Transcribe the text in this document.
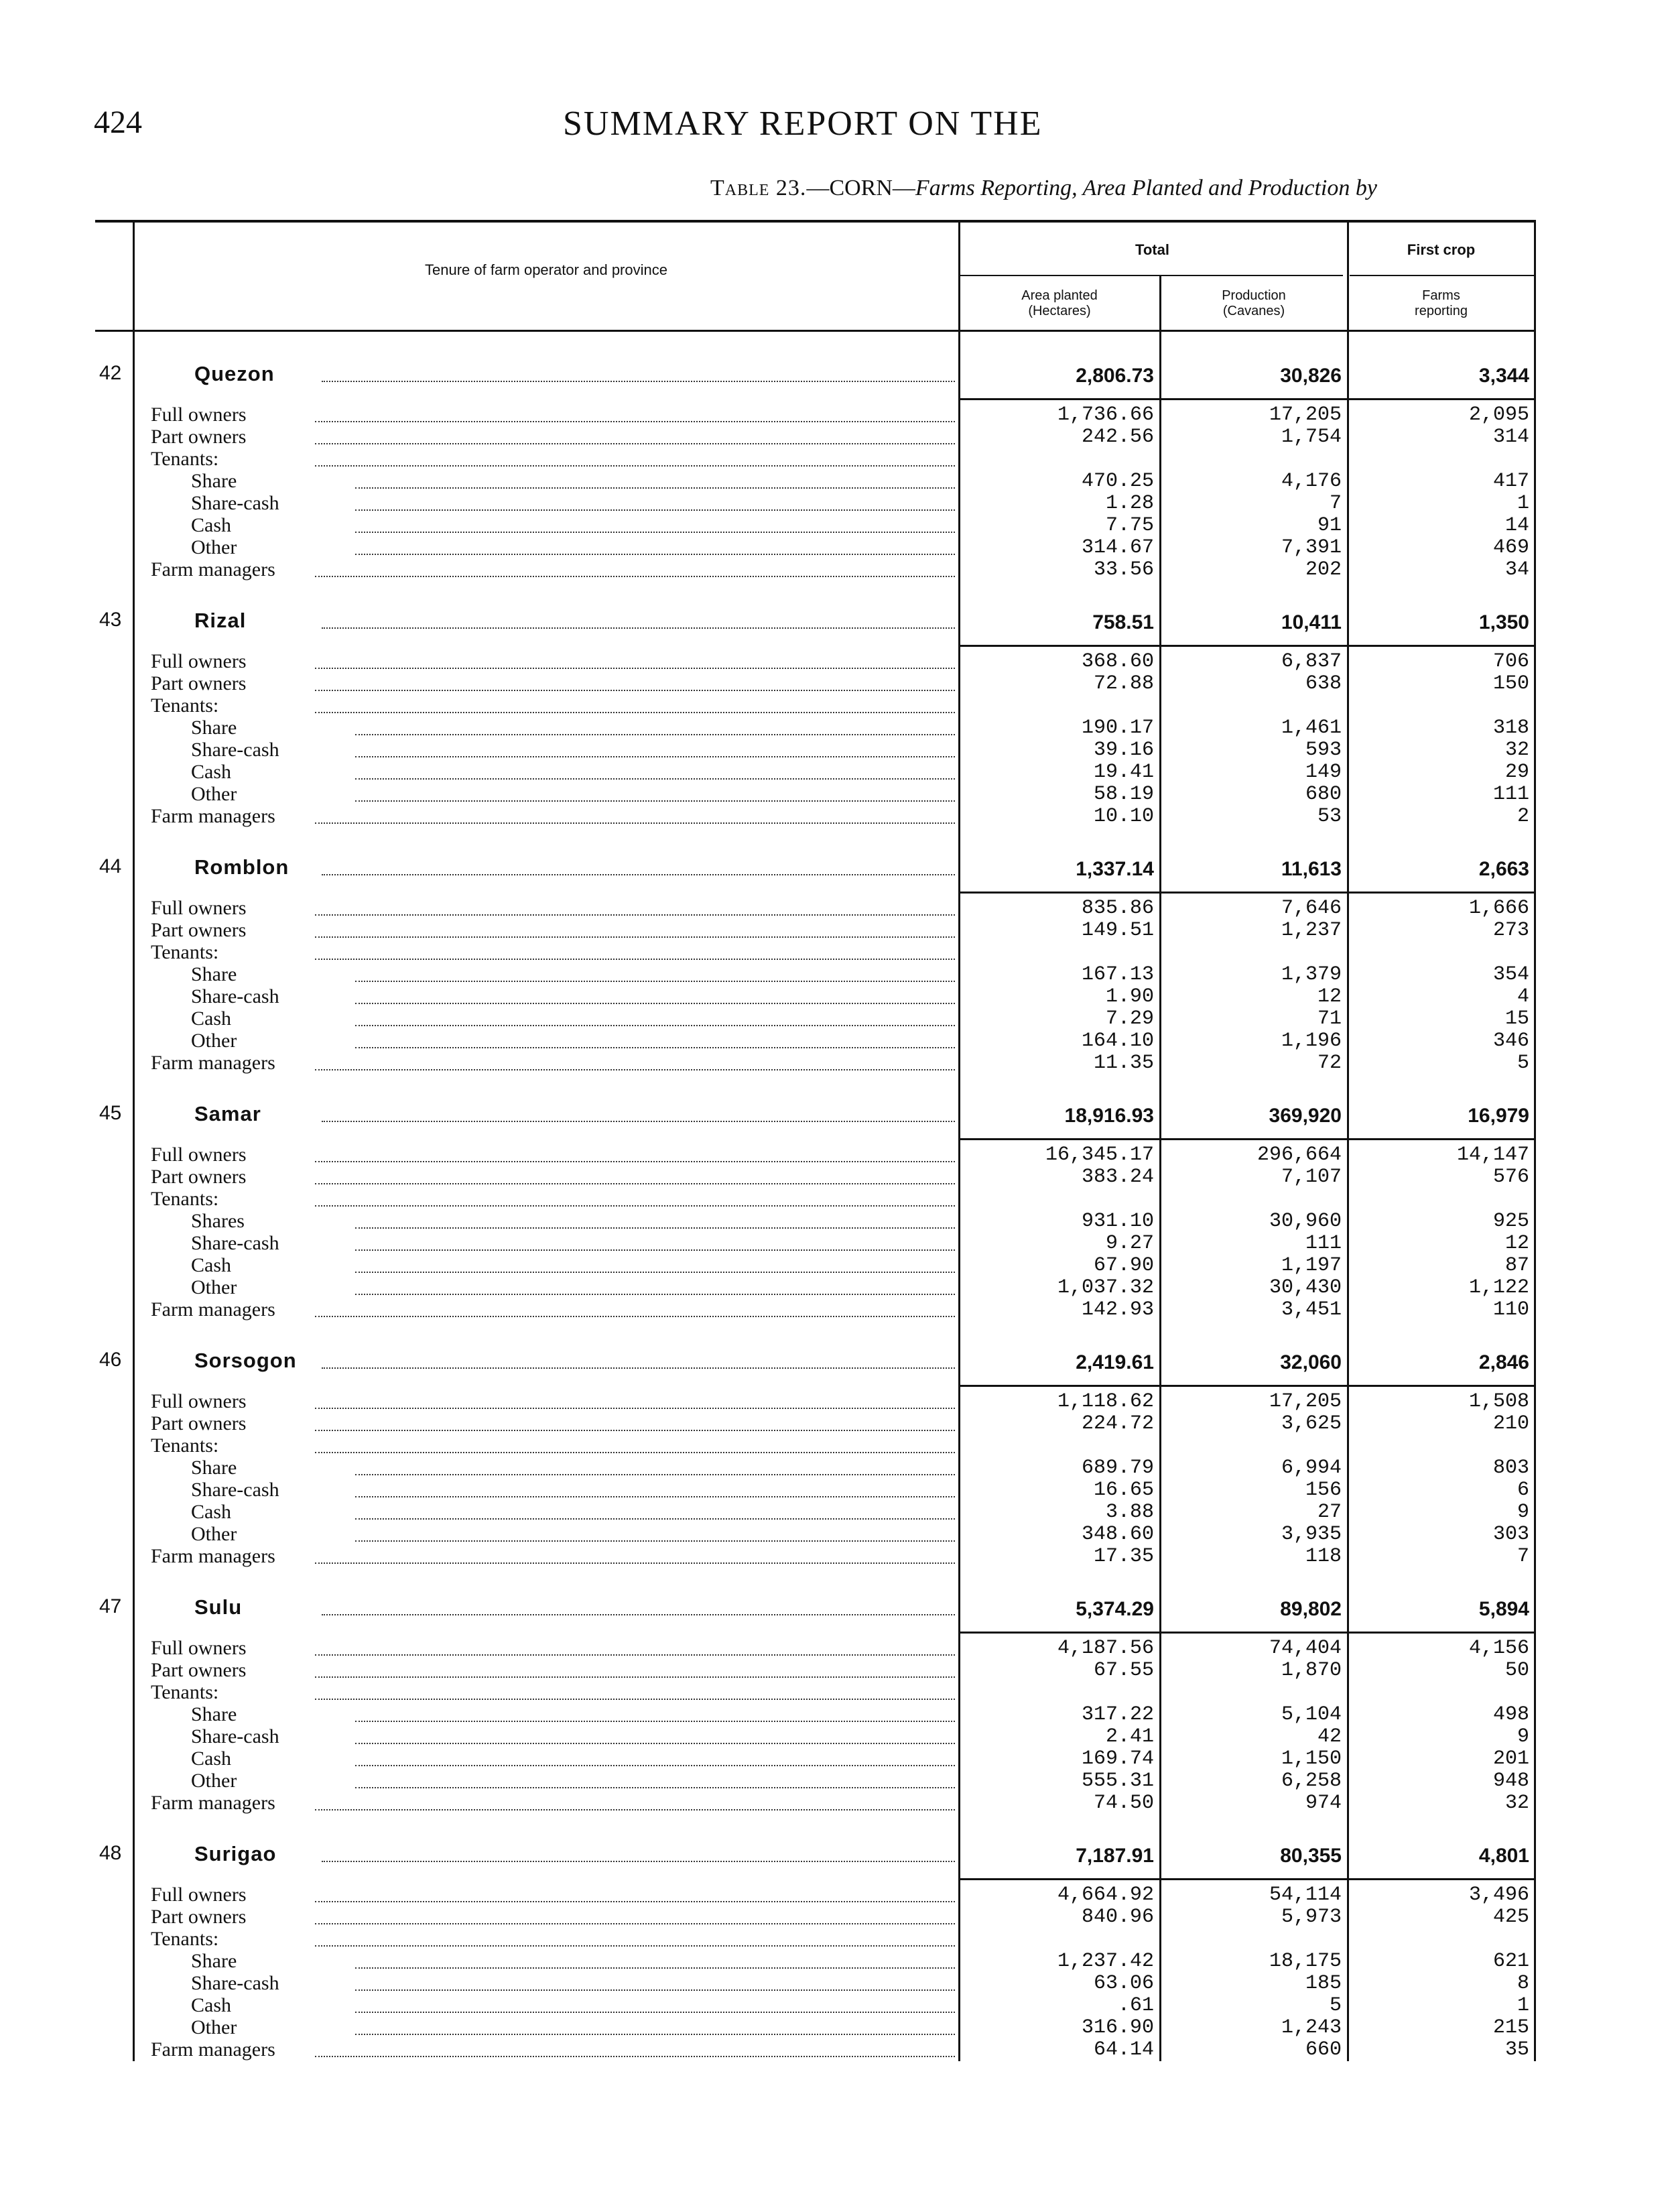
424	SUMMARY REPORT ON THE
Table 23.—CORN—Farms Reporting, Area Planted and Production by
Tenure of farm operator and province
Total	First crop
Area planted
(Hectares)
Production
(Cavanes)
Farms
reporting
42	Quezon	2,806.73	30,826	3,344
Full owners	1,736.66	17,205	2,095
Part owners	242.56	1,754	314
Tenants:
Share	470.25	4,176	417
Share-cash	1.28	7	1
Cash	7.75	91	14
Other	314.67	7,391	469
Farm managers	33.56	202	34
43	Rizal	758.51	10,411	1,350
Full owners	368.60	6,837	706
Part owners	72.88	638	150
Tenants:
Share	190.17	1,461	318
Share-cash	39.16	593	32
Cash	19.41	149	29
Other	58.19	680	111
Farm managers	10.10	53	2
44	Romblon	1,337.14	11,613	2,663
Full owners	835.86	7,646	1,666
Part owners	149.51	1,237	273
Tenants:
Share	167.13	1,379	354
Share-cash	1.90	12	4
Cash	7.29	71	15
Other	164.10	1,196	346
Farm managers	11.35	72	5
45	Samar	18,916.93	369,920	16,979
Full owners	16,345.17	296,664	14,147
Part owners	383.24	7,107	576
Tenants:
Shares	931.10	30,960	925
Share-cash	9.27	111	12
Cash	67.90	1,197	87
Other	1,037.32	30,430	1,122
Farm managers	142.93	3,451	110
46	Sorsogon	2,419.61	32,060	2,846
Full owners	1,118.62	17,205	1,508
Part owners	224.72	3,625	210
Tenants:
Share	689.79	6,994	803
Share-cash	16.65	156	6
Cash	3.88	27	9
Other	348.60	3,935	303
Farm managers	17.35	118	7
47	Sulu	5,374.29	89,802	5,894
Full owners	4,187.56	74,404	4,156
Part owners	67.55	1,870	50
Tenants:
Share	317.22	5,104	498
Share-cash	2.41	42	9
Cash	169.74	1,150	201
Other	555.31	6,258	948
Farm managers	74.50	974	32
48	Surigao	7,187.91	80,355	4,801
Full owners	4,664.92	54,114	3,496
Part owners	840.96	5,973	425
Tenants:
Share	1,237.42	18,175	621
Share-cash	63.06	185	8
Cash	.61	5	1
Other	316.90	1,243	215
Farm managers	64.14	660	35
